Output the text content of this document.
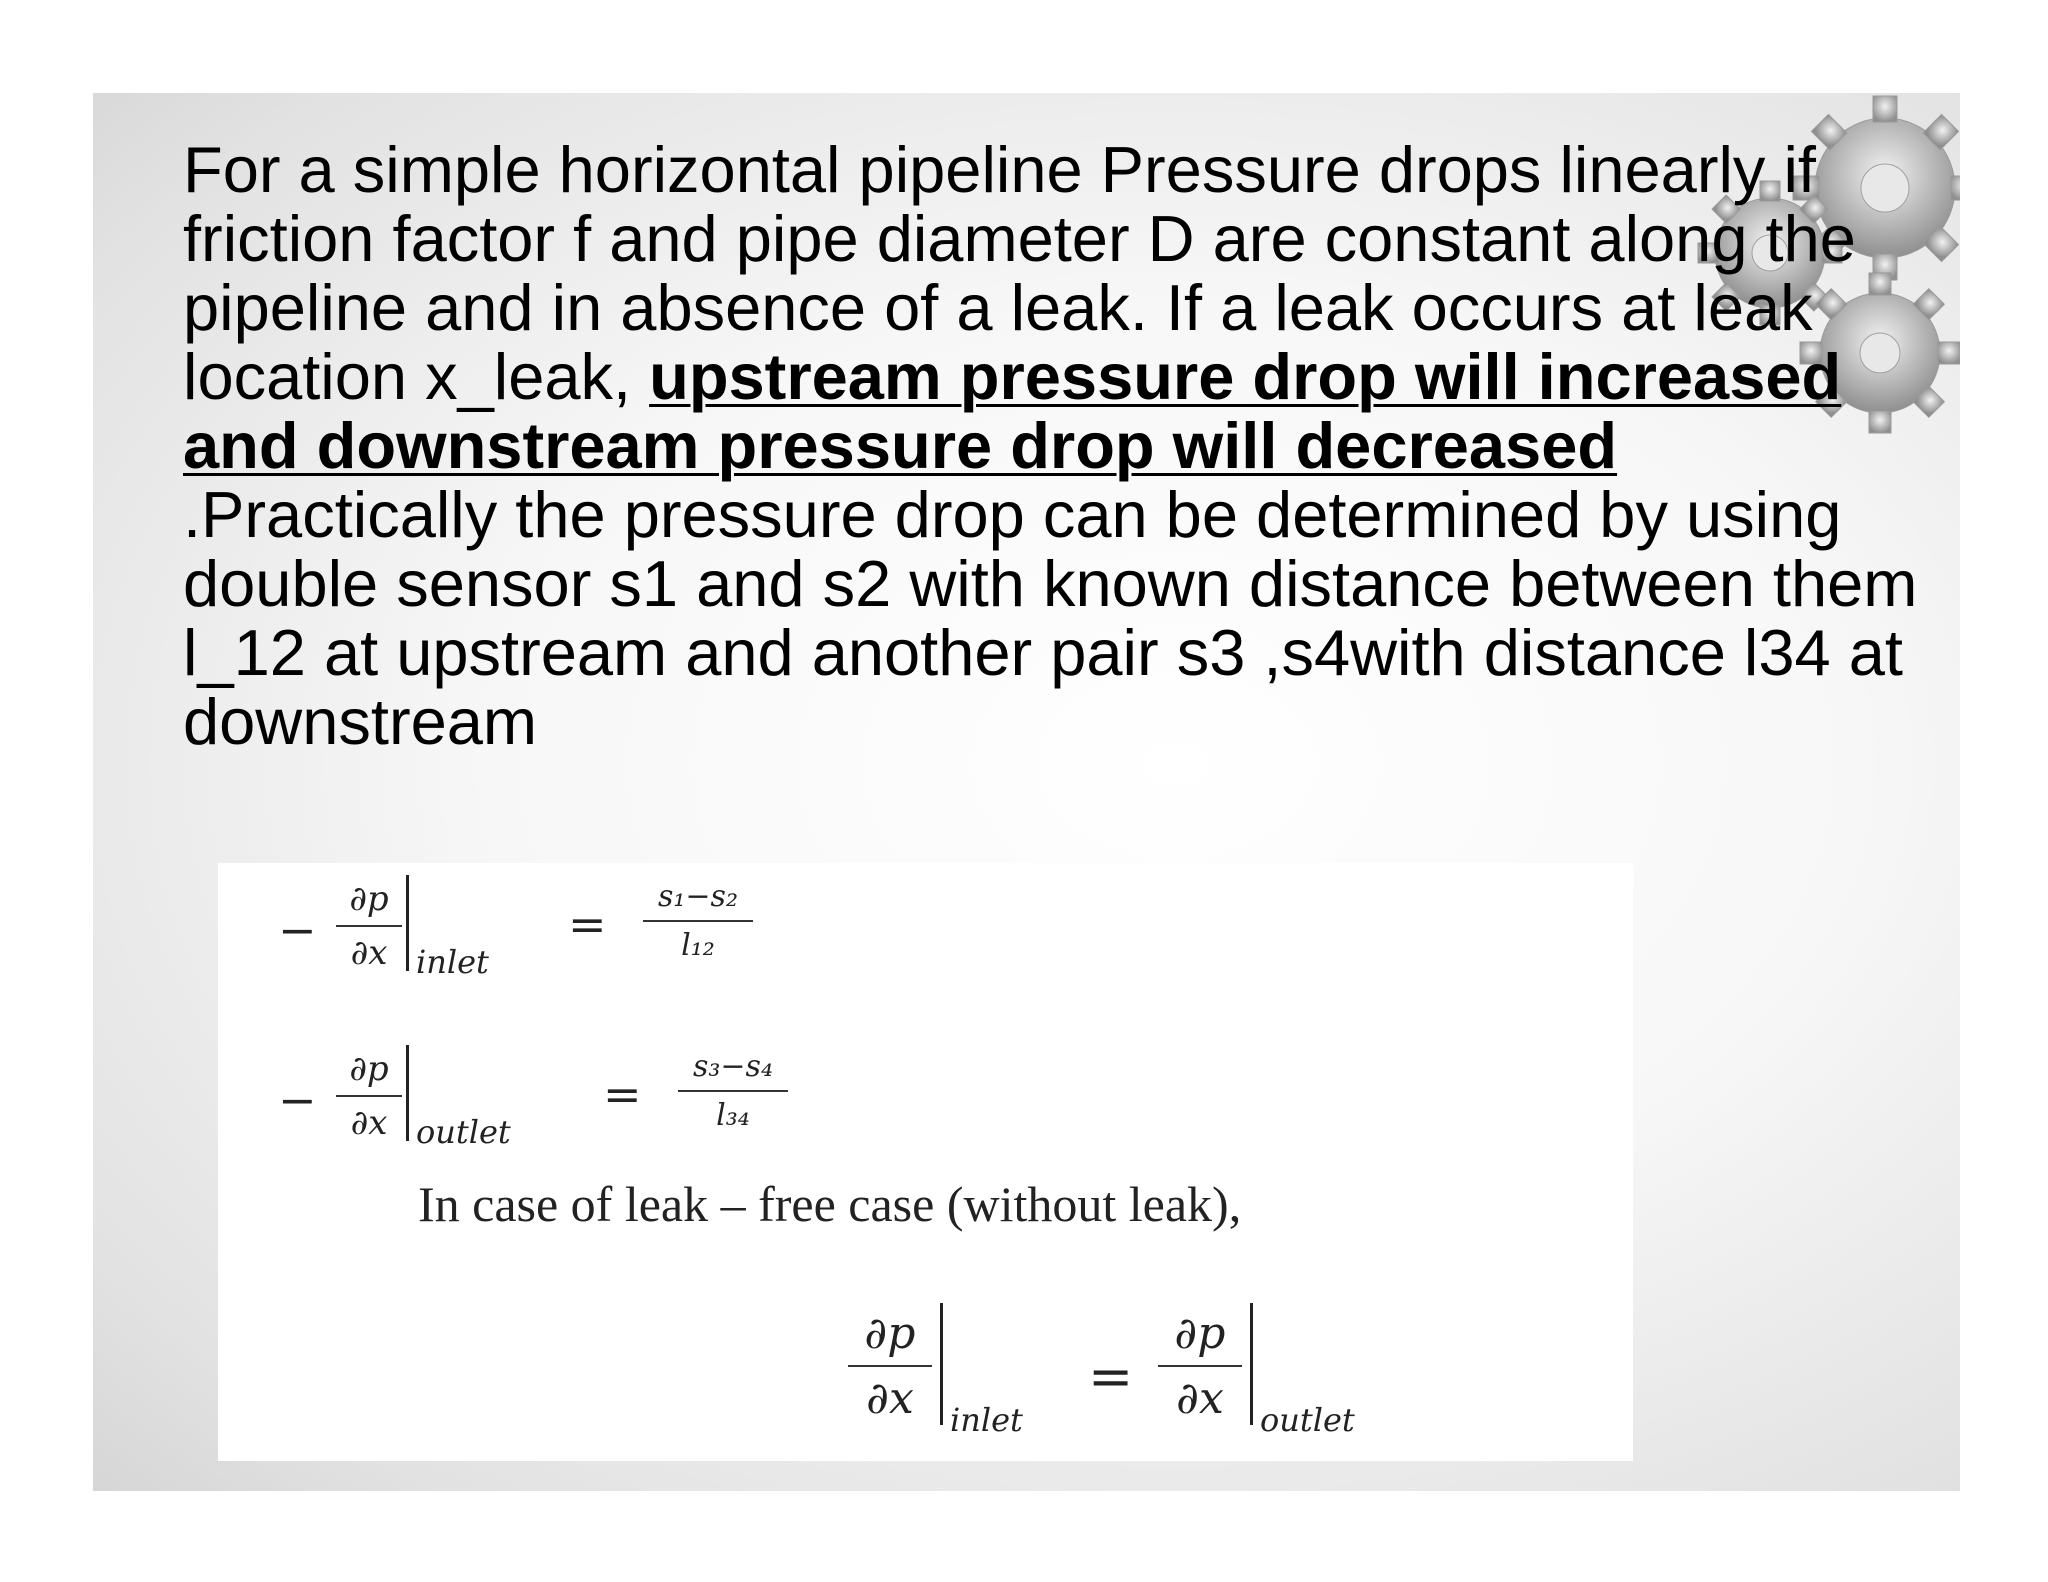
For a simple horizontal pipeline Pressure drops linearly if friction factor f and pipe diameter D are constant along the pipeline and in absence of a leak. If a leak occurs at leak location x_leak, upstream pressure drop will increased and downstream pressure drop will decreased .Practically the pressure drop can be determined by using double sensor s1 and s2 with known distance between them l_12 at upstream and another pair s3 ,s4with distance l34 at downstream

−
∂p
∂x inlet
=
s₁−s₂
l₁₂
−
∂p
∂x outlet
=
s₃−s₄
l₃₄
In case of leak – free case (without leak),
∂p
∂x	inlet
=
∂p
∂x	outlet
